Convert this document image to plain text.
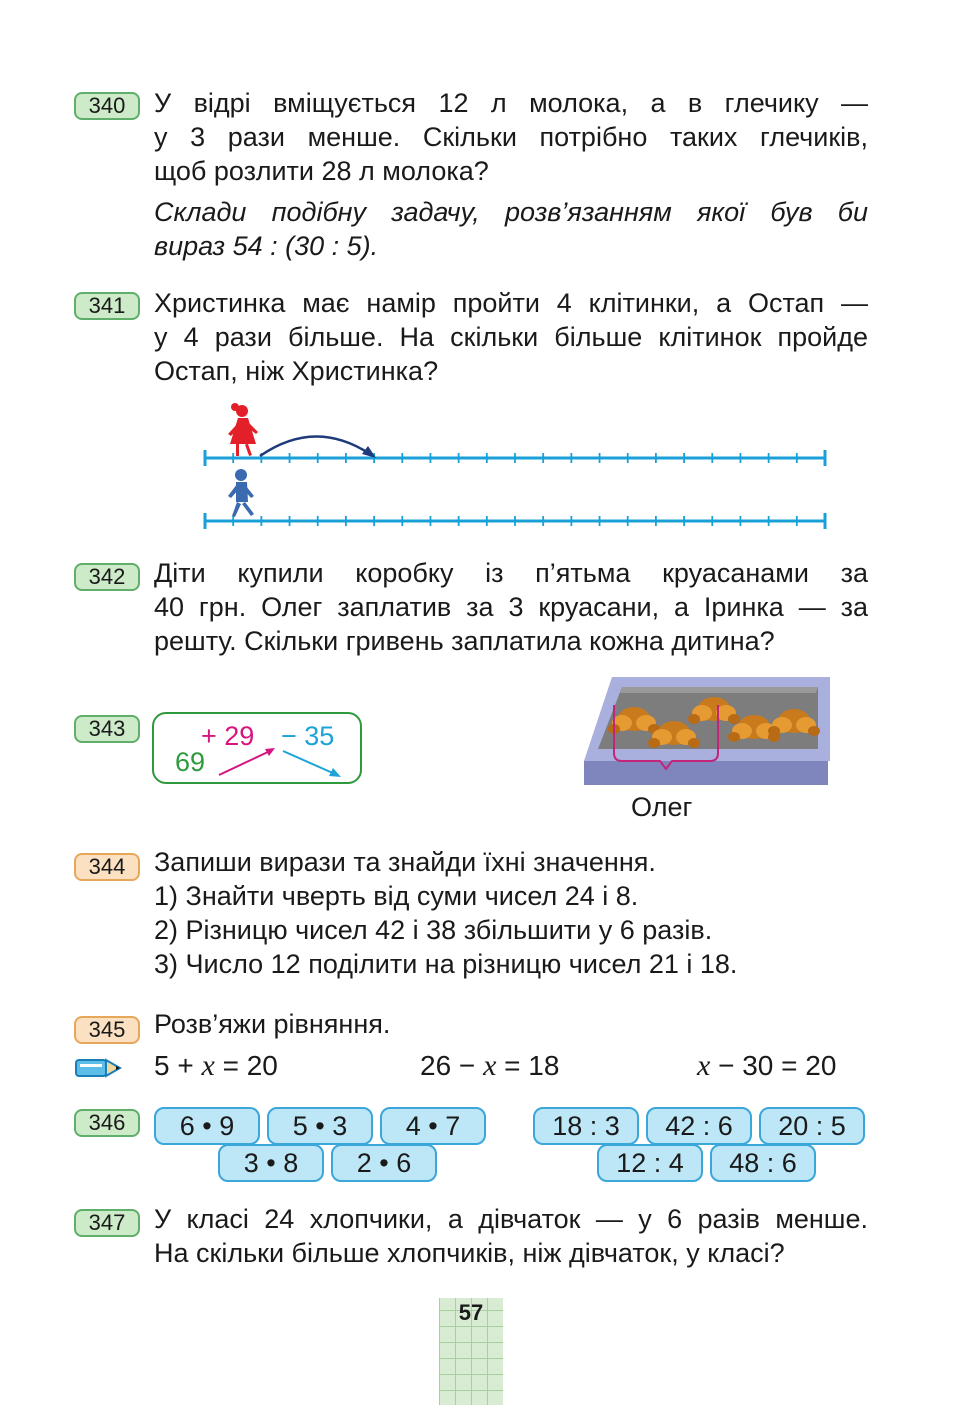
340	У відрі вміщується 12 л молока, а в глечику —
у 3 рази менше. Скільки потрібно таких глечиків,
щоб розлити 28 л молока?
Склади подібну задачу, розв’язанням якої був би
вираз 54 : (30 : 5).
341	Христинка має намір пройти 4 клітинки, а Остап —
у 4 рази більше. На скільки більше клітинок пройде
Остап, ніж Христинка?
342	Діти купили коробку із п’ятьма круасанами за
40 грн. Олег заплатив за 3 круасани, а Іринка — за
решту. Скільки гривень заплатила кожна дитина?
343
69
+ 29 − 35
Олег
344	Запиши вирази та знайди їхні значення.
1) Знайти чверть від суми чисел 24 і 8.
2) Різницю чисел 42 і 38 збільшити у 6 разів.
3) Число 12 поділити на різницю чисел 21 і 18.
345	Розв’яжи рівняння.
5 + x = 20	26 − x = 18	x − 30 = 20
346	6 • 9	5 • 3	4 • 7
3 • 8	2 • 6
18 : 3	42 : 6	20 : 5
12 : 4	48 : 6
347	У класі 24 хлопчики, а дівчаток — у 6 разів менше.
На скільки більше хлопчиків, ніж дівчаток, у класі?
57
